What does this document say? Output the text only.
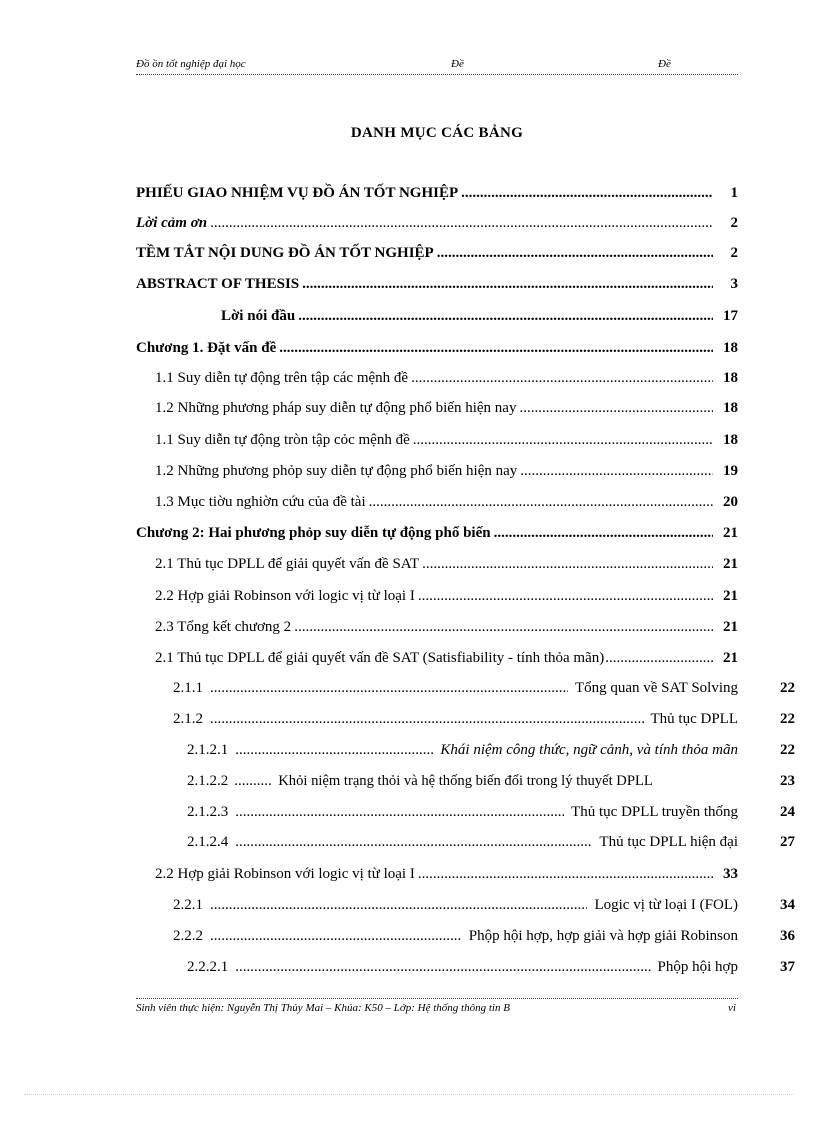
Đồ ồn tốt nghiệp đại học	Đề	Đề
DANH MỤC CÁC BẢNG
PHIẾU GIAO NHIỆM VỤ ĐỒ ÁN TỐT NGHIỆP .....	1
Lời cảm ơn .....	2
TỀM TẮT NỘI DUNG ĐỒ ÁN TỐT NGHIỆP .....	2
ABSTRACT OF THESIS .....	3
Lời nói đầu .....	17
Chương 1. Đặt vấn đề .....	18
1.1 Suy diễn tự động trên tập các mệnh đề .....	18
1.2 Những phương pháp suy diễn tự động phổ biến hiện nay .....	18
1.1 Suy diễn tự động tròn tập cỏc mệnh đề .....	18
1.2 Những phương phỏp suy diễn tự động phổ biến hiện nay .....	19
1.3 Mục tiờu nghiờn cứu của đề tài .....	20
Chương 2: Hai phương phỏp suy diễn tự động phổ biến .....	21
2.1 Thủ tục DPLL để giải quyết vấn đề SAT .....	21
2.2 Hợp giải Robinson với logic vị từ loại I .....	21
2.3 Tổng kết chương 2 .....	21
2.1 Thủ tục DPLL để giải quyết vấn đề SAT (Satisfiability - tính thỏa mãn) .....	21
2.1.1 .....	Tổng quan về SAT Solving	22
2.1.2 .....	Thủ tục DPLL	22
2.1.2.1 .....	Khái niệm công thức, ngữ cảnh, và tính thỏa mãn	22
2.1.2.2 .....	Khỏi niệm trạng thỏi và hệ thống biến đổi trong lý thuyết DPLL	23
2.1.2.3 .....	Thủ tục DPLL truyền thống	24
2.1.2.4 .....	Thủ tục DPLL hiện đại	27
2.2 Hợp giải Robinson với logic vị từ loại I .....	33
2.2.1 .....	Logic vị từ loại I (FOL)	34
2.2.2 .....	Phộp hội hợp, hợp giải và hợp giải Robinson	36
2.2.2.1 .....	Phộp hội hợp	37
Sinh viên thực hiện: Nguyễn Thị Thủy Mai – Khúa: K50 – Lớp: Hệ thống thông tin B	vi
